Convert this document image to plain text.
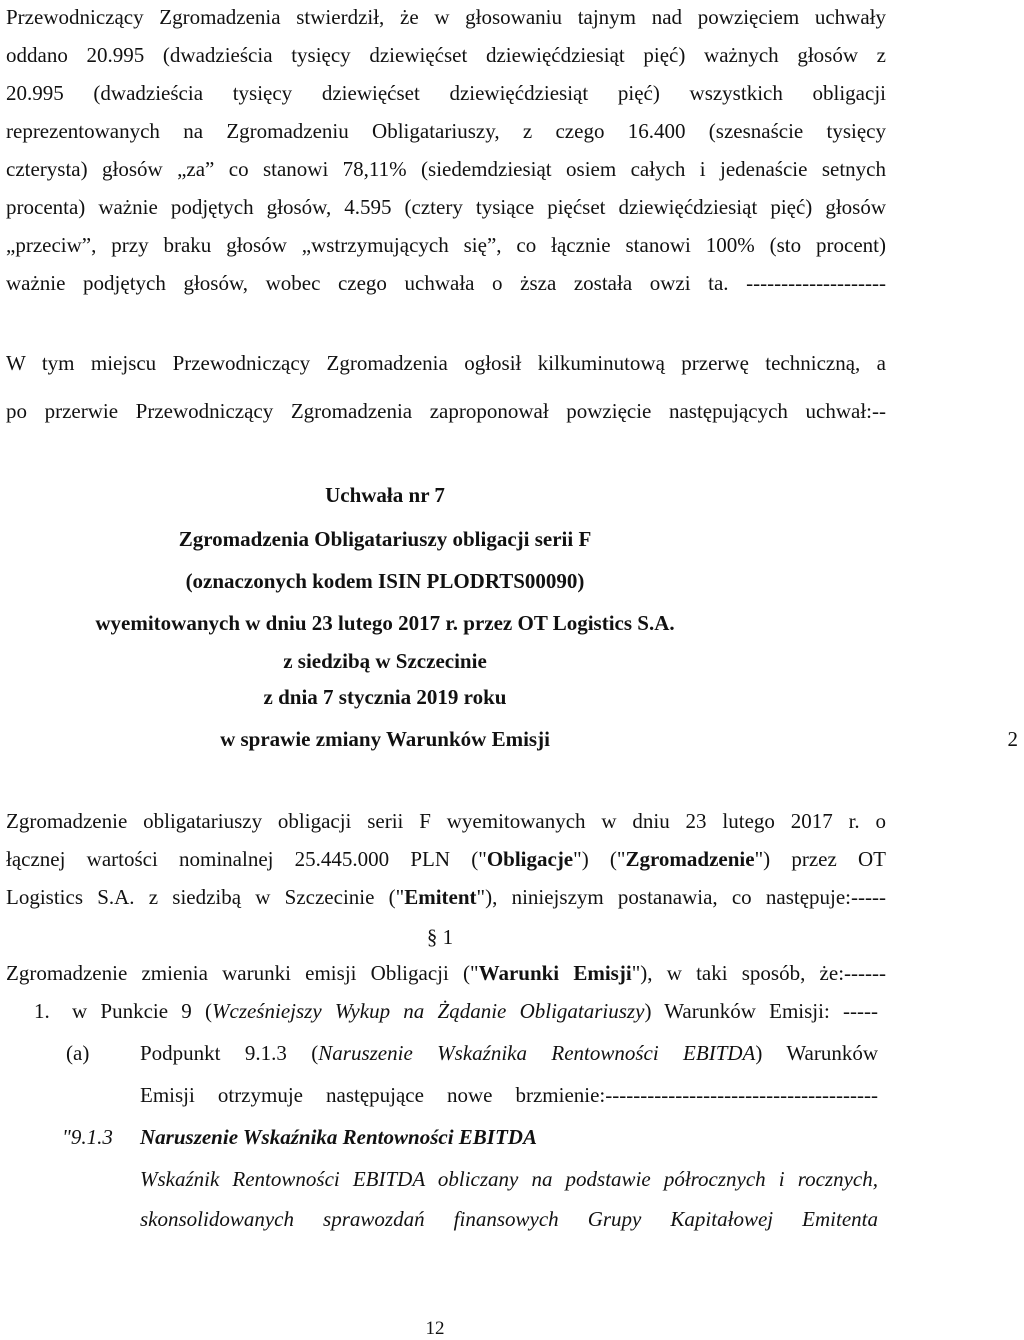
Przewodniczący Zgromadzenia stwierdził, że w głosowaniu tajnym nad powzięciem uchwały
oddano 20.995 (dwadzieścia tysięcy dziewięćset dziewięćdziesiąt pięć) ważnych głosów z
20.995 (dwadzieścia tysięcy dziewięćset dziewięćdziesiąt pięć) wszystkich obligacji
reprezentowanych na Zgromadzeniu Obligatariuszy, z czego 16.400 (szesnaście tysięcy
czterysta) głosów „za” co stanowi 78,11% (siedemdziesiąt osiem całych i jedenaście setnych
procenta) ważnie podjętych głosów, 4.595 (cztery tysiące pięćset dziewięćdziesiąt pięć) głosów
„przeciw”, przy braku głosów „wstrzymujących się”, co łącznie stanowi 100% (sto procent)
ważnie podjętych głosów, wobec czego uchwała o ższa została owzi ta. --------------------
W tym miejscu Przewodniczący Zgromadzenia ogłosił kilkuminutową przerwę techniczną, a
po przerwie Przewodniczący Zgromadzenia zaproponował powzięcie następujących uchwał:--
Uchwała nr 7
Zgromadzenia Obligatariuszy obligacji serii F
(oznaczonych kodem ISIN PLODRTS00090)
wyemitowanych w dniu 23 lutego 2017 r. przez OT Logistics S.A.
z siedzibą w Szczecinie
z dnia 7 stycznia 2019 roku
w sprawie zmiany Warunków Emisji	2
Zgromadzenie obligatariuszy obligacji serii F wyemitowanych w dniu 23 lutego 2017 r. o
łącznej wartości nominalnej 25.445.000 PLN ("Obligacje") ("Zgromadzenie") przez OT
Logistics S.A. z siedzibą w Szczecinie ("Emitent"), niniejszym postanawia, co następuje:-----
§ 1
Zgromadzenie zmienia warunki emisji Obligacji ("Warunki Emisji"), w taki sposób, że:------
1. w Punkcie 9 (Wcześniejszy Wykup na Żądanie Obligatariuszy) Warunków Emisji: -----
(a) Podpunkt 9.1.3 (Naruszenie Wskaźnika Rentowności EBITDA) Warunków
Emisji otrzymuje następujące nowe brzmienie:---------------------------------------
"9.1.3 Naruszenie Wskaźnika Rentowności EBITDA
Wskaźnik Rentowności EBITDA obliczany na podstawie półrocznych i rocznych,
skonsolidowanych sprawozdań finansowych Grupy Kapitałowej Emitenta
12
